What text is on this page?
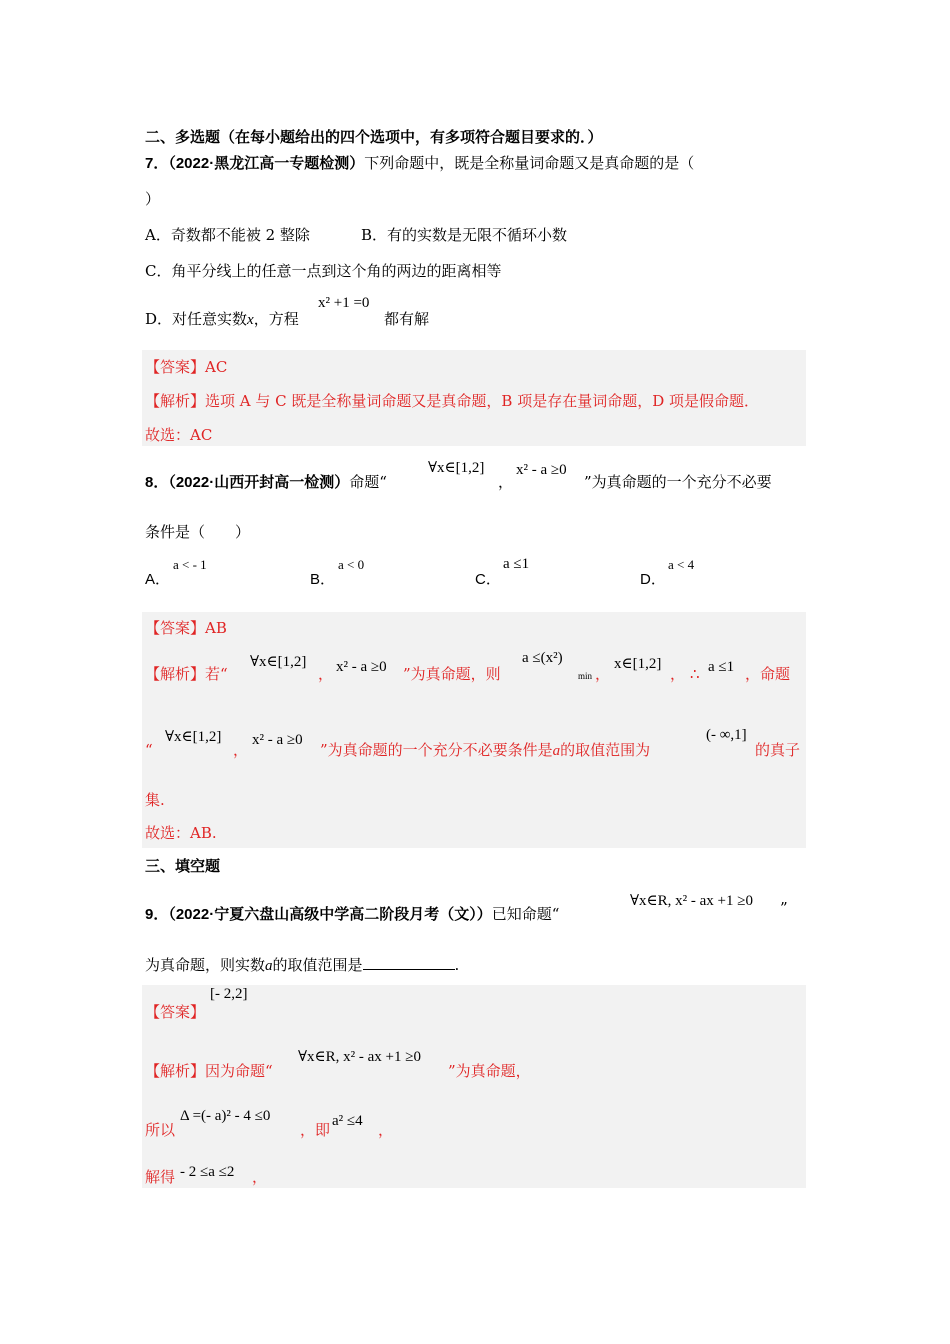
二、多选题（在每小题给出的四个选项中，有多项符合题目要求的．）
7．（2022·黑龙江高一专题检测）下列命题中，既是全称量词命题又是真命题的是（
）
A．奇数都不能被 2 整除	B．有的实数是无限不循环小数
C．角平分线上的任意一点到这个角的两边的距离相等
D．对任意实数x，方程
x² +1 =0
都有解
【答案】AC
【解析】选项 A 与 C 既是全称量词命题又是真命题，B 项是存在量词命题，D 项是假命题．
故选：AC
8．（2022·山西开封高一检测）命题“
∀x∈[1,2]
，
x² - a ≥0
”为真命题的一个充分不必要
条件是（　　）
A．
a < - 1
B．
a < 0
C．
a ≤1
D．
a < 4
【答案】AB
【解析】若“
∀x∈[1,2]
， x² - a ≥0 ”为真命题，则
a ≤(x²)
min ，
x∈[1,2]
， ∴ a ≤1 ，命题
“
∀x∈[1,2]
，
x² - a ≥0
”为真命题的一个充分不必要条件是a的取值范围为
(- ∞,1]
的真子
集.
故选：AB.
三、填空题
9．（2022·宁夏六盘山高级中学高二阶段月考（文））已知命题“
∀x∈R, x² - ax +1 ≥0 ”
为真命题，则实数a的取值范围是	.
【答案】
[- 2,2]
【解析】因为命题“
∀x∈R, x² - ax +1 ≥0
”为真命题，
所以
Δ =(- a)² - 4 ≤0
，即 a² ≤4 ，
解得 - 2 ≤a ≤2 ，
